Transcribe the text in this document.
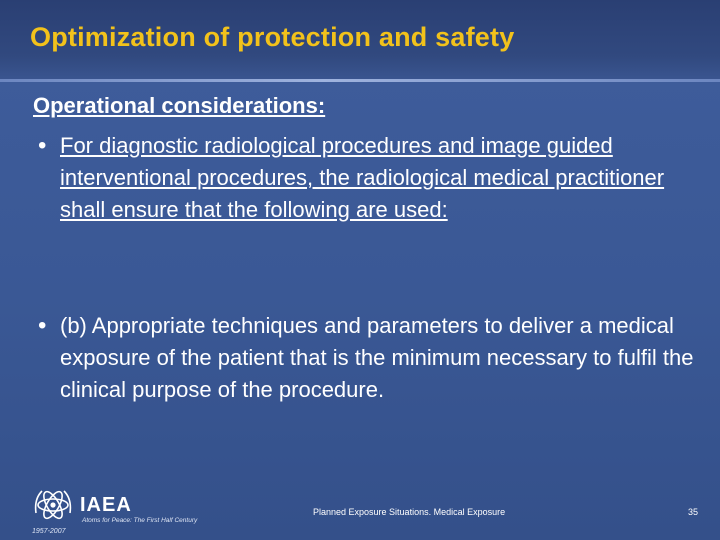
Optimization of protection and safety
Operational considerations:
• For diagnostic radiological procedures and image guided interventional procedures, the radiological medical practitioner shall ensure that the following are used:
• (b) Appropriate techniques and parameters to deliver a medical exposure of the patient that is the minimum necessary to fulfil the clinical purpose of the procedure.
IAEA
Atoms for Peace: The First Half Century
1957-2007
Planned Exposure Situations. Medical Exposure	35
